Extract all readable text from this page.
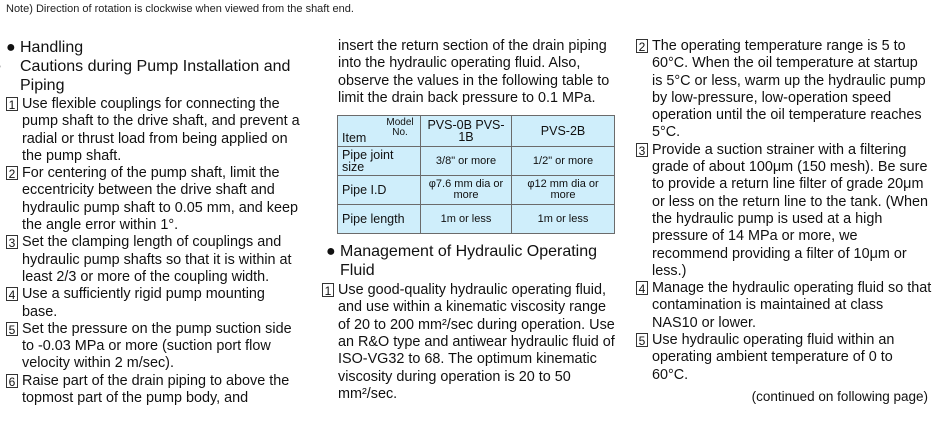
Note) Direction of rotation is clockwise when viewed from the shaft end.
● Handling
Cautions during Pump Installation and Piping
1 Use flexible couplings for connecting the pump shaft to the drive shaft, and prevent a radial or thrust load from being applied on the pump shaft.

2 For centering of the pump shaft, limit the eccentricity between the drive shaft and hydraulic pump shaft to 0.05 mm, and keep the angle error within 1°.

3 Set the clamping length of couplings and hydraulic pump shafts so that it is within at least 2/3 or more of the coupling width.

4 Use a sufficiently rigid pump mounting base.

5 Set the pressure on the pump suction side to -0.03 MPa or more (suction port flow velocity within 2 m/sec).

6 Raise part of the drain piping to above the topmost part of the pump body, and

insert the return section of the drain piping into the hydraulic operating fluid. Also, observe the values in the following table to limit the drain back pressure to 0.1 MPa.

Model No.
Item	PVS-0B PVS-1B	PVS-2B
Pipe joint size	3/8" or more	1/2" or more
Pipe I.D	φ7.6 mm dia or more	φ12 mm dia or more
Pipe length	1m or less	1m or less
● Management of Hydraulic Operating Fluid
1 Use good-quality hydraulic operating fluid, and use within a kinematic viscosity range of 20 to 200 mm²/sec during operation. Use an R&O type and antiwear hydraulic fluid of ISO-VG32 to 68. The optimum kinematic viscosity during operation is 20 to 50 mm²/sec.

2 The operating temperature range is 5 to 60°C. When the oil temperature at startup is 5°C or less, warm up the hydraulic pump by low-pressure, low-operation speed operation until the oil temperature reaches 5°C.

3 Provide a suction strainer with a filtering grade of about 100μm (150 mesh). Be sure to provide a return line filter of grade 20μm or less on the return line to the tank. (When the hydraulic pump is used at a high pressure of 14 MPa or more, we recommend providing a filter of 10μm or less.)

4 Manage the hydraulic operating fluid so that contamination is maintained at class NAS10 or lower.

5 Use hydraulic operating fluid within an operating ambient temperature of 0 to 60°C.

(continued on following page)
